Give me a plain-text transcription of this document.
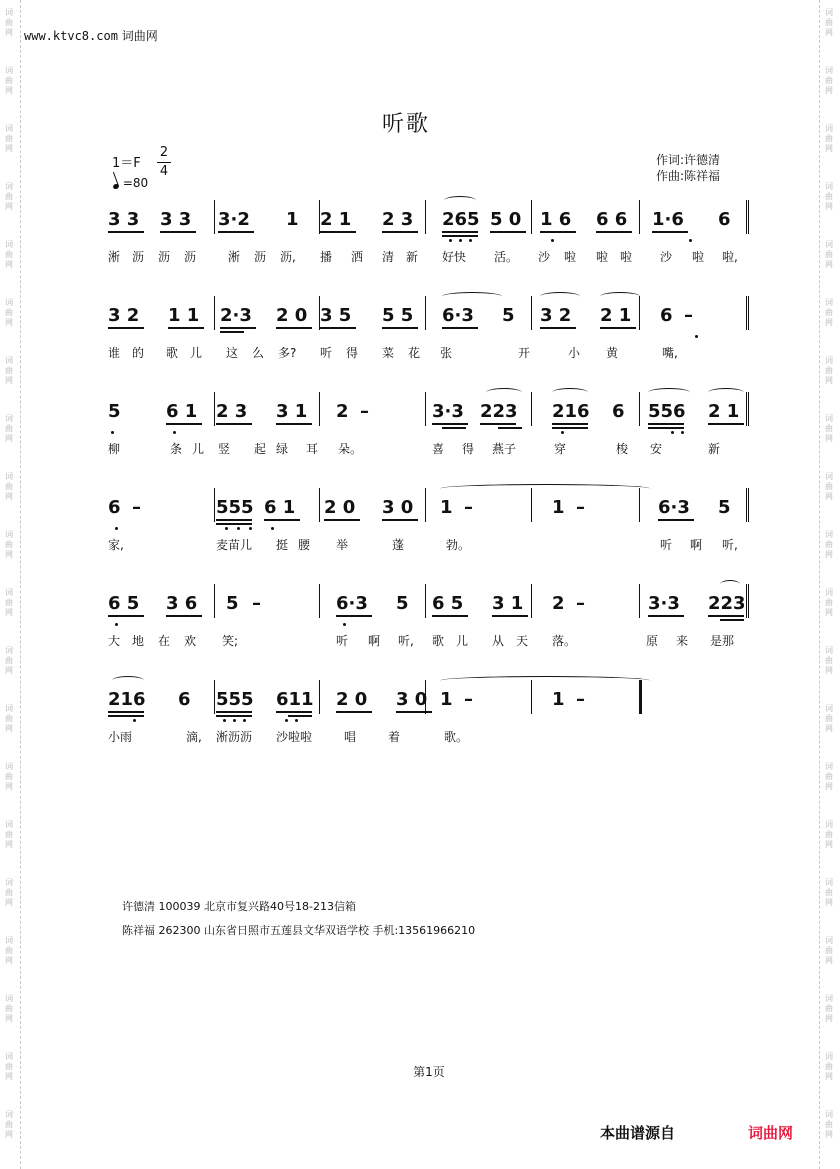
词
曲
网
词
曲
网
词
曲
网
词
曲
网
词
曲
网
词
曲
网
词
曲
网
词
曲
网
词
曲
网
词
曲
网
词
曲
网
词
曲
网
词
曲
网
词
曲
网
词
曲
网
词
曲
网
词
曲
网
词
曲
网
词
曲
网
词
曲
网
词
曲
网
词
曲
网
词
曲
网
词
曲
网
词
曲
网
词
曲
网
词
曲
网
词
曲
网
词
曲
网
词
曲
网
词
曲
网
词
曲
网
词
曲
网
词
曲
网
词
曲
网
词
曲
网
词
曲
网
词
曲
网
词
曲
网
词
曲
网
www.ktvc8.com 词曲网
听歌
1＝F
2
4
=80
作词:许德清
作曲:陈祥福
3 3 3 3 3·2 1 2 1 2 3 265 5 0 1 6 6 6 1·6 6
淅 沥 沥 沥	淅 沥 沥, 播 洒 清 新 好快 活。 沙 啦 啦 啦 沙 啦 啦,
3 2 1 1 2·3 2 0 3 5 5 5 6·3 5 3 2 2 1 6 –
谁 的 歌 儿 这 么 多? 听 得 菜 花 张	开	小 黄	嘴,
5	6 1 2 3 3 1 2 –	3·3 223 216 6 556 2 1
柳	条 儿 竖 起 绿 耳 朵。	喜 得 燕子	穿	梭 安	新
6 –	555 6 1 2 0 3 0 1 –	1 –	6·3 5
家,	麦苗儿 挺 腰 举	蓬	勃。	听 啊 听,
6 5 3 6 5 –	6·3 5 6 5 3 1 2 –	3·3 223
大 地 在 欢 笑;	听 啊 听, 歌 儿 从 天 落。	原 来 是那
216 6 555 611 2 0 3 0 1 –	1 –
小雨	滴, 淅沥沥 沙啦啦	唱	着	歌。
许德清 100039 北京市复兴路40号18-213信箱
陈祥福 262300 山东省日照市五莲县文华双语学校 手机:13561966210
第1页
本曲谱源自	词曲网
